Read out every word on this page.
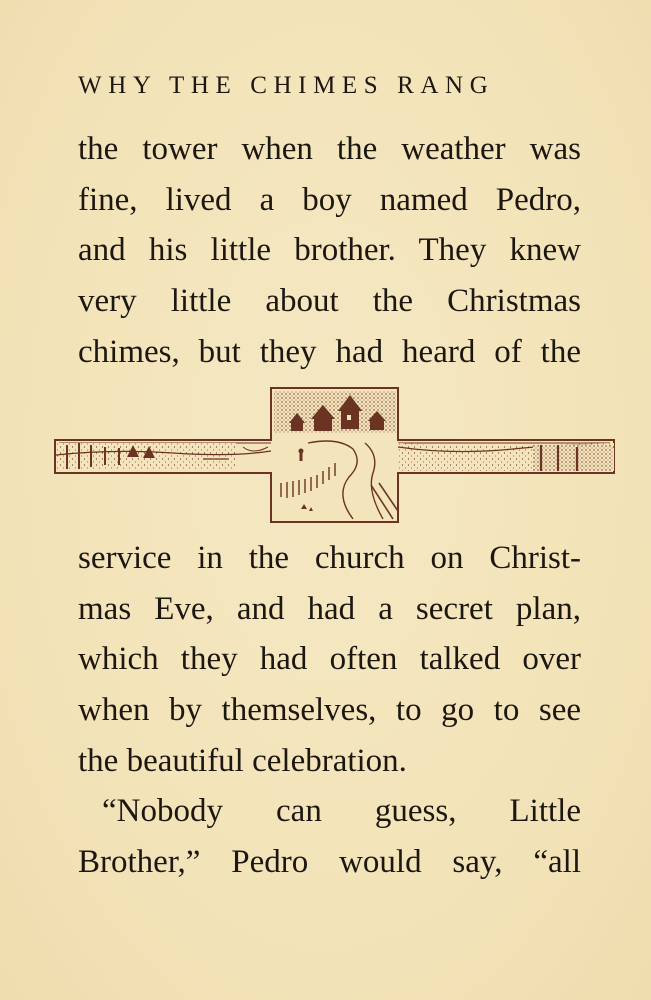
WHY THE CHIMES RANG
the tower when the weather was
fine, lived a boy named Pedro,
and his little brother. They knew
very little about the Christmas
chimes, but they had heard of the
service in the church on Christ-
mas Eve, and had a secret plan,
which they had often talked over
when by themselves, to go to see
the beautiful celebration.
“Nobody can guess, Little
Brother,” Pedro would say, “all
